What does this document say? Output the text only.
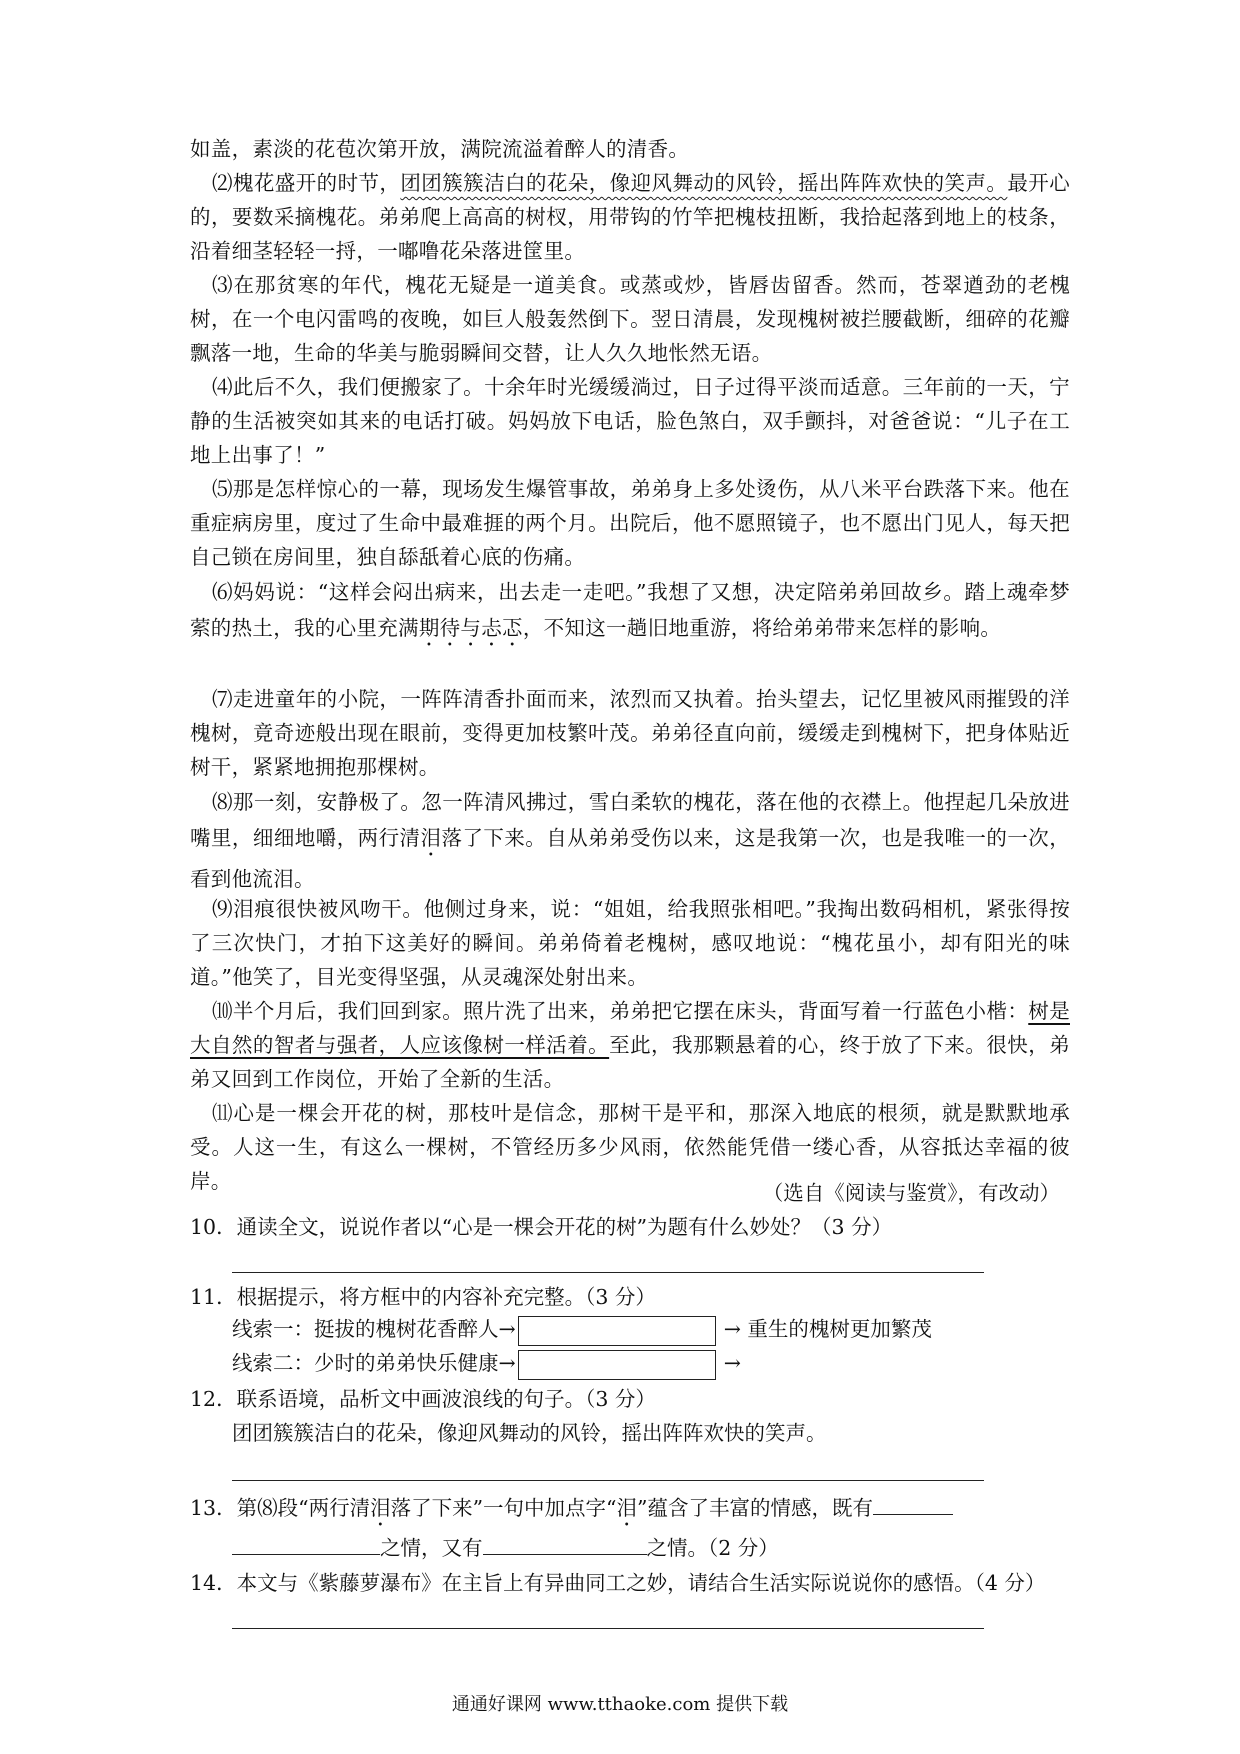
如盖，素淡的花苞次第开放，满院流溢着醉人的清香。
⑵槐花盛开的时节，团团簇簇洁白的花朵，像迎风舞动的风铃，摇出阵阵欢快的笑声。最开心的，要数采摘槐花。弟弟爬上高高的树杈，用带钩的竹竿把槐枝扭断，我拾起落到地上的枝条，沿着细茎轻轻一捋，一嘟噜花朵落进筐里。
⑶在那贫寒的年代，槐花无疑是一道美食。或蒸或炒，皆唇齿留香。然而，苍翠遒劲的老槐树，在一个电闪雷鸣的夜晚，如巨人般轰然倒下。翌日清晨，发现槐树被拦腰截断，细碎的花瓣飘落一地，生命的华美与脆弱瞬间交替，让人久久地怅然无语。
⑷此后不久，我们便搬家了。十余年时光缓缓淌过，日子过得平淡而适意。三年前的一天，宁静的生活被突如其来的电话打破。妈妈放下电话，脸色煞白，双手颤抖，对爸爸说：“儿子在工地上出事了！”
⑸那是怎样惊心的一幕，现场发生爆管事故，弟弟身上多处烫伤，从八米平台跌落下来。他在重症病房里，度过了生命中最难捱的两个月。出院后，他不愿照镜子，也不愿出门见人，每天把自己锁在房间里，独自舔舐着心底的伤痛。
⑹妈妈说：“这样会闷出病来，出去走一走吧。”我想了又想，决定陪弟弟回故乡。踏上魂牵梦萦的热土，我的心里充满期待与忐忑，不知这一趟旧地重游，将给弟弟带来怎样的影响。
⑺走进童年的小院，一阵阵清香扑面而来，浓烈而又执着。抬头望去，记忆里被风雨摧毁的洋槐树，竟奇迹般出现在眼前，变得更加枝繁叶茂。弟弟径直向前，缓缓走到槐树下，把身体贴近树干，紧紧地拥抱那棵树。
⑻那一刻，安静极了。忽一阵清风拂过，雪白柔软的槐花，落在他的衣襟上。他捏起几朵放进嘴里，细细地嚼，两行清泪落了下来。自从弟弟受伤以来，这是我第一次，也是我唯一的一次，看到他流泪。
⑼泪痕很快被风吻干。他侧过身来，说：“姐姐，给我照张相吧。”我掏出数码相机，紧张得按了三次快门，才拍下这美好的瞬间。弟弟倚着老槐树，感叹地说：“槐花虽小，却有阳光的味道。”他笑了，目光变得坚强，从灵魂深处射出来。
⑽半个月后，我们回到家。照片洗了出来，弟弟把它摆在床头，背面写着一行蓝色小楷：树是大自然的智者与强者，人应该像树一样活着。至此，我那颗悬着的心，终于放了下来。很快，弟弟又回到工作岗位，开始了全新的生活。
⑾心是一棵会开花的树，那枝叶是信念，那树干是平和，那深入地底的根须，就是默默地承受。人这一生，有这么一棵树，不管经历多少风雨，依然能凭借一缕心香，从容抵达幸福的彼岸。	（选自《阅读与鉴赏》，有改动）
10．通读全文，说说作者以“心是一棵会开花的树”为题有什么妙处？（3 分）
11．根据提示，将方框中的内容补充完整。（3 分）
线索一：挺拔的槐树花香醉人→	→ 重生的槐树更加繁茂
线索二：少时的弟弟快乐健康→	→
12．联系语境，品析文中画波浪线的句子。（3 分）
团团簇簇洁白的花朵，像迎风舞动的风铃，摇出阵阵欢快的笑声。
13．第⑻段“两行清泪落了下来”一句中加点字“泪”蕴含了丰富的情感，既有
之情，又有	之情。（2 分）
14．本文与《紫藤萝瀑布》在主旨上有异曲同工之妙，请结合生活实际说说你的感悟。（4 分）
通通好课网 www.tthaoke.com 提供下载
